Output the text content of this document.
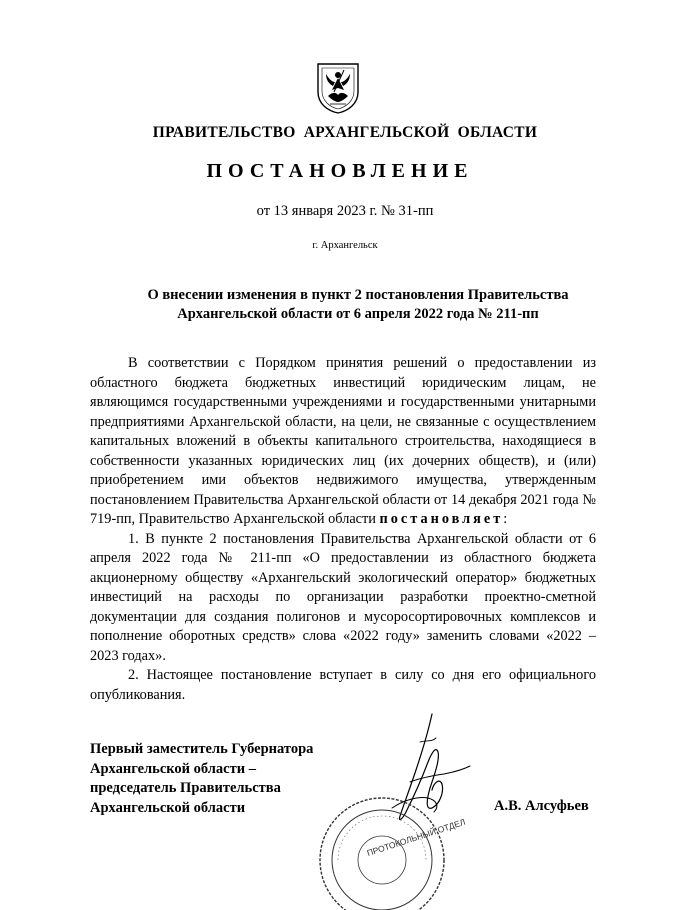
ПРАВИТЕЛЬСТВО АРХАНГЕЛЬСКОЙ ОБЛАСТИ
ПОСТАНОВЛЕНИЕ
от 13 января 2023 г. № 31-пп
г. Архангельск
О внесении изменения в пункт 2 постановления Правительства
Архангельской области от 6 апреля 2022 года № 211-пп

В соответствии с Порядком принятия решений о предоставлении из областного бюджета бюджетных инвестиций юридическим лицам, не являющимся государственными учреждениями и государственными унитарными предприятиями Архангельской области, на цели, не связанные с осуществлением капитальных вложений в объекты капитального строительства, находящиеся в собственности указанных юридических лиц (их дочерних обществ), и (или) приобретением ими объектов недвижимого имущества, утвержденным постановлением Правительства Архангельской области от 14 декабря 2021 года № 719-пп, Правительство Архангельской области постановляет:

1. В пункте 2 постановления Правительства Архангельской области от 6 апреля 2022 года № 211-пп «О предоставлении из областного бюджета акционерному обществу «Архангельский экологический оператор» бюджетных инвестиций на расходы по организации разработки проектно-сметной документации для создания полигонов и мусоросортировочных комплексов и пополнение оборотных средств» слова «2022 году» заменить словами «2022 – 2023 годах».

2. Настоящее постановление вступает в силу со дня его официального опубликования.

Первый заместитель Губернатора
Архангельской области –
председатель Правительства
Архангельской области	А.В. Алсуфьев
ПРОТОКОЛЬНЫЙ ОТДЕЛ
